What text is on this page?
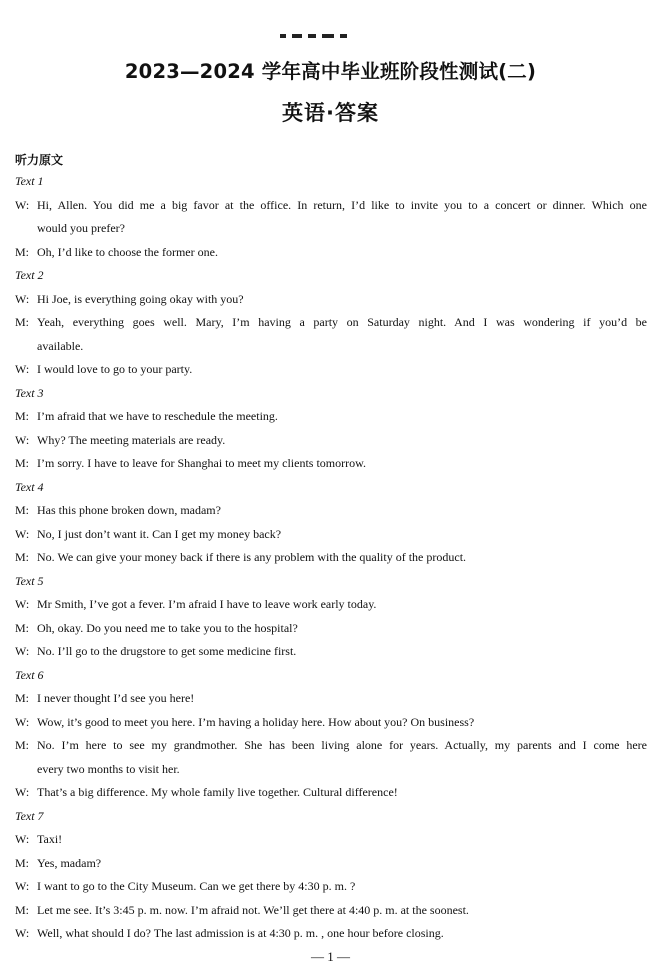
2023—2024 学年高中毕业班阶段性测试(二)
英语·答案
听力原文
Text 1
W: Hi, Allen. You did me a big favor at the office. In return, I’d like to invite you to a concert or dinner. Which one
would you prefer?
M: Oh, I’d like to choose the former one.
Text 2
W: Hi Joe, is everything going okay with you?
M: Yeah, everything goes well. Mary, I’m having a party on Saturday night. And I was wondering if you’d be
available.
W: I would love to go to your party.
Text 3
M: I’m afraid that we have to reschedule the meeting.
W: Why? The meeting materials are ready.
M: I’m sorry. I have to leave for Shanghai to meet my clients tomorrow.
Text 4
M: Has this phone broken down, madam?
W: No, I just don’t want it. Can I get my money back?
M: No. We can give your money back if there is any problem with the quality of the product.
Text 5
W: Mr Smith, I’ve got a fever. I’m afraid I have to leave work early today.
M: Oh, okay. Do you need me to take you to the hospital?
W: No. I’ll go to the drugstore to get some medicine first.
Text 6
M: I never thought I’d see you here!
W: Wow, it’s good to meet you here. I’m having a holiday here. How about you? On business?
M: No. I’m here to see my grandmother. She has been living alone for years. Actually, my parents and I come here
every two months to visit her.
W: That’s a big difference. My whole family live together. Cultural difference!
Text 7
W: Taxi!
M: Yes, madam?
W: I want to go to the City Museum. Can we get there by 4:30 p. m. ?
M: Let me see. It’s 3:45 p. m. now. I’m afraid not. We’ll get there at 4:40 p. m. at the soonest.
W: Well, what should I do? The last admission is at 4:30 p. m. , one hour before closing.
— 1 —
